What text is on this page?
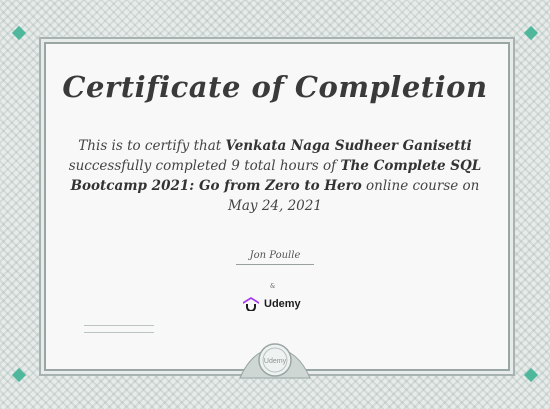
Certificate of Completion
This is to certify that Venkata Naga Sudheer Ganisetti successfully completed 9 total hours of The Complete SQL Bootcamp 2021: Go from Zero to Hero online course on May 24, 2021
Jon Poulle
&
Udemy
Udemy
